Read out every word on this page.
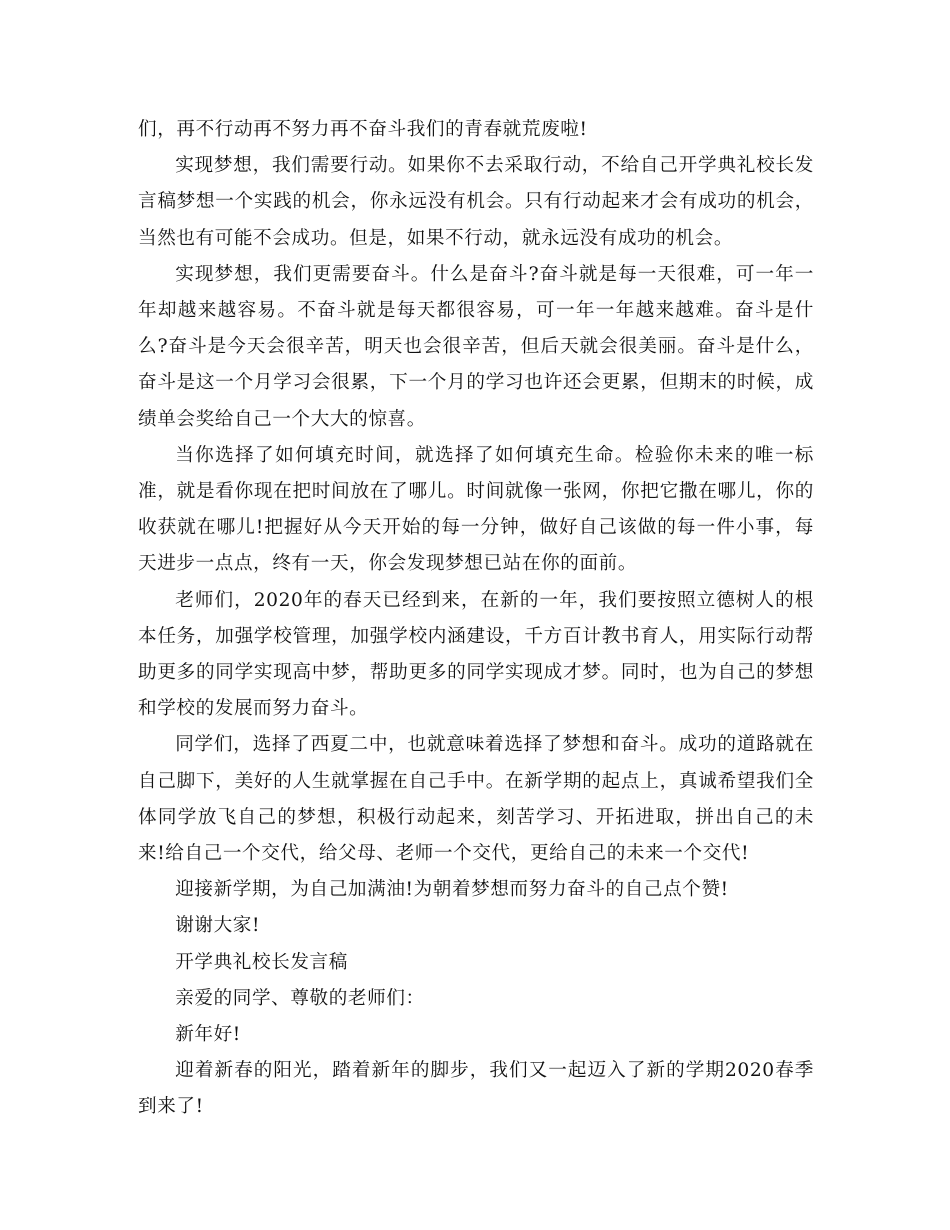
们，再不行动再不努力再不奋斗我们的青春就荒废啦!

实现梦想，我们需要行动。如果你不去采取行动，不给自己开学典礼校长发言稿梦想一个实践的机会，你永远没有机会。只有行动起来才会有成功的机会，当然也有可能不会成功。但是，如果不行动，就永远没有成功的机会。

实现梦想，我们更需要奋斗。什么是奋斗?奋斗就是每一天很难，可一年一年却越来越容易。不奋斗就是每天都很容易，可一年一年越来越难。奋斗是什么?奋斗是今天会很辛苦，明天也会很辛苦，但后天就会很美丽。奋斗是什么，奋斗是这一个月学习会很累，下一个月的学习也许还会更累，但期末的时候，成绩单会奖给自己一个大大的惊喜。

当你选择了如何填充时间，就选择了如何填充生命。检验你未来的唯一标准，就是看你现在把时间放在了哪儿。时间就像一张网，你把它撒在哪儿，你的收获就在哪儿!把握好从今天开始的每一分钟，做好自己该做的每一件小事，每天进步一点点，终有一天，你会发现梦想已站在你的面前。

老师们，2020年的春天已经到来，在新的一年，我们要按照立德树人的根本任务，加强学校管理，加强学校内涵建设，千方百计教书育人，用实际行动帮助更多的同学实现高中梦，帮助更多的同学实现成才梦。同时，也为自己的梦想和学校的发展而努力奋斗。

同学们，选择了西夏二中，也就意味着选择了梦想和奋斗。成功的道路就在自己脚下，美好的人生就掌握在自己手中。在新学期的起点上，真诚希望我们全体同学放飞自己的梦想，积极行动起来，刻苦学习、开拓进取，拼出自己的未来!给自己一个交代，给父母、老师一个交代，更给自己的未来一个交代!

迎接新学期，为自己加满油!为朝着梦想而努力奋斗的自己点个赞!

谢谢大家!

开学典礼校长发言稿

亲爱的同学、尊敬的老师们：

新年好!

迎着新春的阳光，踏着新年的脚步，我们又一起迈入了新的学期2020春季到来了!
